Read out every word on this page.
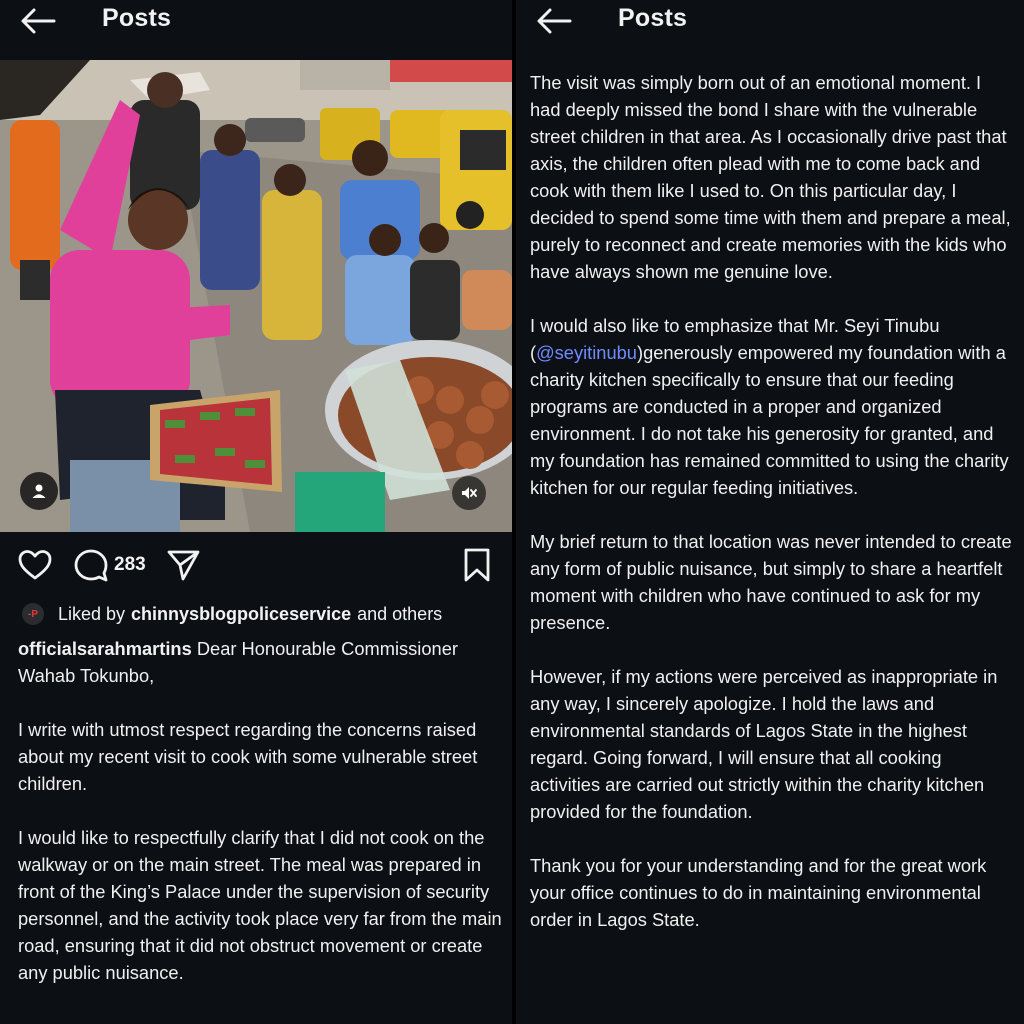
Posts
283
-P	Liked by chinnysblogpoliceservice and others

officialsarahmartins Dear Honourable Commissioner Wahab Tokunbo,

I write with utmost respect regarding the concerns raised about my recent visit to cook with some vulnerable street children.

I would like to respectfully clarify that I did not cook on the walkway or on the main street. The meal was prepared in front of the King’s Palace under the supervision of security personnel, and the activity took place very far from the main road, ensuring that it did not obstruct movement or create any public nuisance.

Posts

The visit was simply born out of an emotional moment. I had deeply missed the bond I share with the vulnerable street children in that area. As I occasionally drive past that axis, the children often plead with me to come back and cook with them like I used to. On this particular day, I decided to spend some time with them and prepare a meal, purely to reconnect and create memories with the kids who have always shown me genuine love.

I would also like to emphasize that Mr. Seyi Tinubu (@seyitinubu)generously empowered my foundation with a charity kitchen specifically to ensure that our feeding programs are conducted in a proper and organized environment. I do not take his generosity for granted, and my foundation has remained committed to using the charity kitchen for our regular feeding initiatives.

My brief return to that location was never intended to create any form of public nuisance, but simply to share a heartfelt moment with children who have continued to ask for my presence.

However, if my actions were perceived as inappropriate in any way, I sincerely apologize. I hold the laws and environmental standards of Lagos State in the highest regard. Going forward, I will ensure that all cooking activities are carried out strictly within the charity kitchen provided for the foundation.

Thank you for your understanding and for the great work your office continues to do in maintaining environmental order in Lagos State.
